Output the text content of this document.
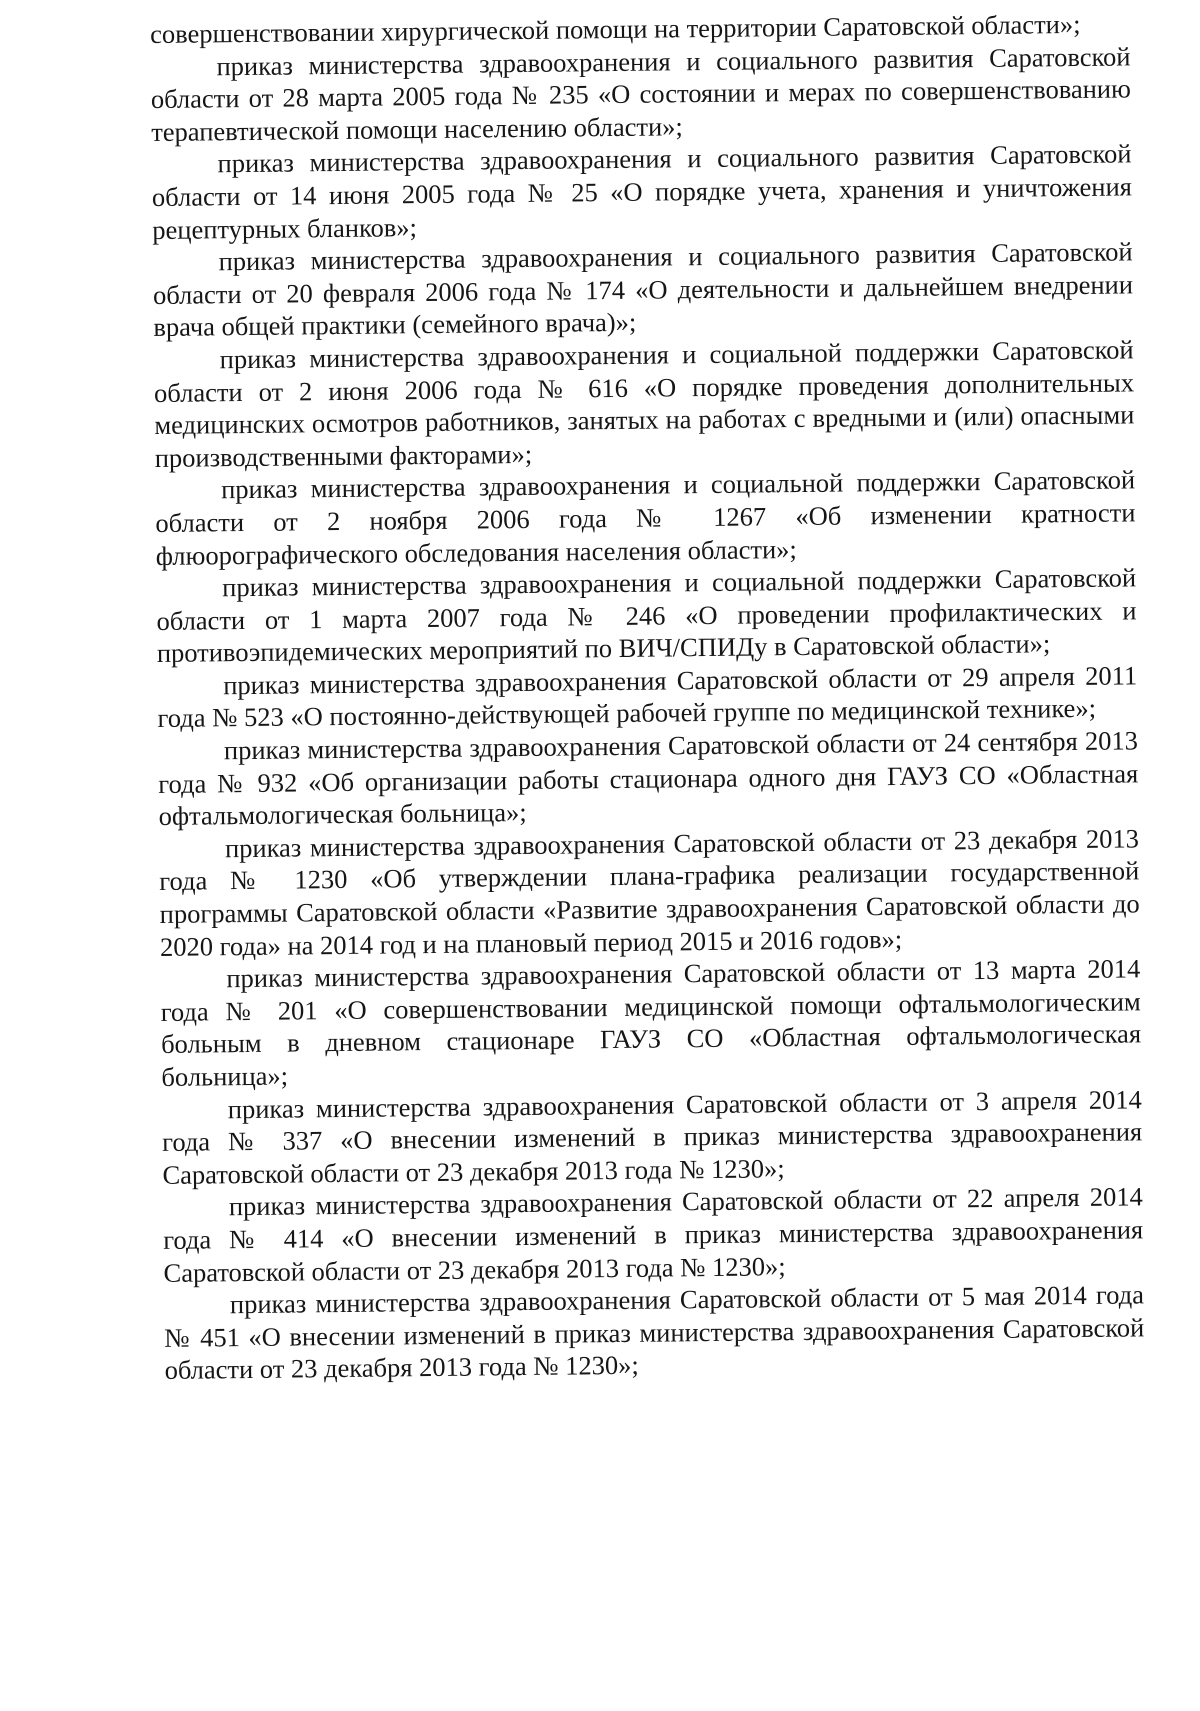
совершенствовании хирургической помощи на территории Саратовской области»;

приказ министерства здравоохранения и социального развития Саратовской области от 28 марта 2005 года № 235 «О состоянии и мерах по совершенствованию терапевтической помощи населению области»;

приказ министерства здравоохранения и социального развития Саратовской области от 14 июня 2005 года № 25 «О порядке учета, хранения и уничтожения рецептурных бланков»;

приказ министерства здравоохранения и социального развития Саратовской области от 20 февраля 2006 года № 174 «О деятельности и дальнейшем внедрении врача общей практики (семейного врача)»;

приказ министерства здравоохранения и социальной поддержки Саратовской области от 2 июня 2006 года № 616 «О порядке проведения дополнительных медицинских осмотров работников, занятых на работах с вредными и (или) опасными производственными факторами»;

приказ министерства здравоохранения и социальной поддержки Саратовской области от 2 ноября 2006 года № 1267 «Об изменении кратности флюорографического обследования населения области»;

приказ министерства здравоохранения и социальной поддержки Саратовской области от 1 марта 2007 года № 246 «О проведении профилактических и противоэпидемических мероприятий по ВИЧ/СПИДу в Саратовской области»;

приказ министерства здравоохранения Саратовской области от 29 апреля 2011 года № 523 «О постоянно-действующей рабочей группе по медицинской технике»;

приказ министерства здравоохранения Саратовской области от 24 сентября 2013 года № 932 «Об организации работы стационара одного дня ГАУЗ СО «Областная офтальмологическая больница»;

приказ министерства здравоохранения Саратовской области от 23 декабря 2013 года № 1230 «Об утверждении плана-графика реализации государственной программы Саратовской области «Развитие здравоохранения Саратовской области до 2020 года» на 2014 год и на плановый период 2015 и 2016 годов»;

приказ министерства здравоохранения Саратовской области от 13 марта 2014 года № 201 «О совершенствовании медицинской помощи офтальмологическим больным в дневном стационаре ГАУЗ СО «Областная офтальмологическая больница»;

приказ министерства здравоохранения Саратовской области от 3 апреля 2014 года № 337 «О внесении изменений в приказ министерства здравоохранения Саратовской области от 23 декабря 2013 года № 1230»;

приказ министерства здравоохранения Саратовской области от 22 апреля 2014 года № 414 «О внесении изменений в приказ министерства здравоохранения Саратовской области от 23 декабря 2013 года № 1230»;

приказ министерства здравоохранения Саратовской области от 5 мая 2014 года № 451 «О внесении изменений в приказ министерства здравоохранения Саратовской области от 23 декабря 2013 года № 1230»;
